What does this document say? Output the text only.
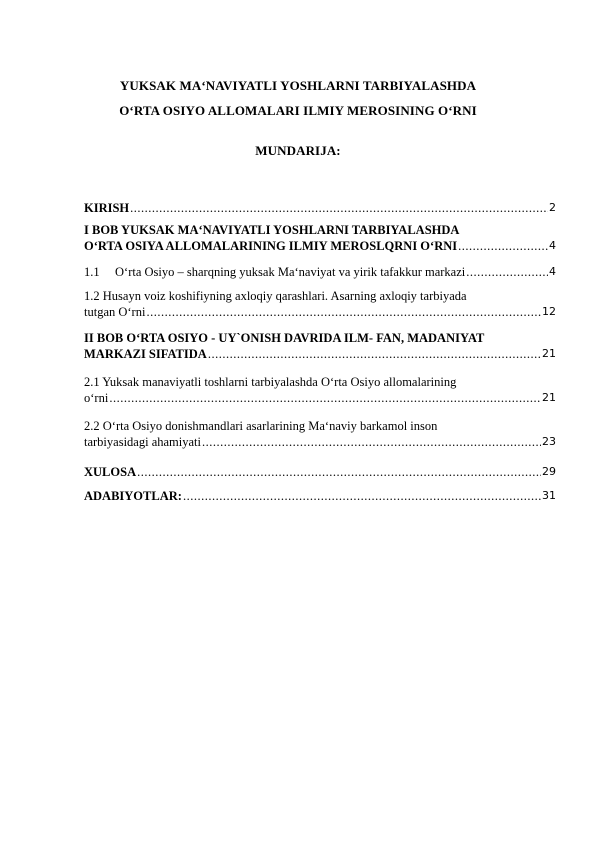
YUKSAK MA‘NAVIYATLI YOSHLARNI TARBIYALASHDA
O‘RTA OSIYO ALLOMALARI ILMIY MEROSINING O‘RNI
MUNDARIJA:
KIRISH .....	2
I BOB YUKSAK MA‘NAVIYATLI YOSHLARNI TARBIYALASHDA
O‘RTA OSIYA ALLOMALARINING ILMIY MEROSLQRNI O‘RNI .....	4
1.1 O‘rta Osiyo – sharqning yuksak Ma‘naviyat va yirik tafakkur markazi .....	4
1.2 Husayn voiz koshifiyning axloqiy qarashlari. Asarning axloqiy tarbiyada
tutgan O‘rni .....	12
II BOB O‘RTA OSIYO - UY`ONISH DAVRIDA ILM- FAN, MADANIYAT
MARKAZI SIFATIDA .....	21
2.1 Yuksak manaviyatli toshlarni tarbiyalashda O‘rta Osiyo allomalarining
o‘rni .....	21
2.2 O‘rta Osiyo donishmandlari asarlarining Ma‘naviy barkamol inson
tarbiyasidagi ahamiyati .....	23
XULOSA .....	29
ADABIYOTLAR: .....	31
